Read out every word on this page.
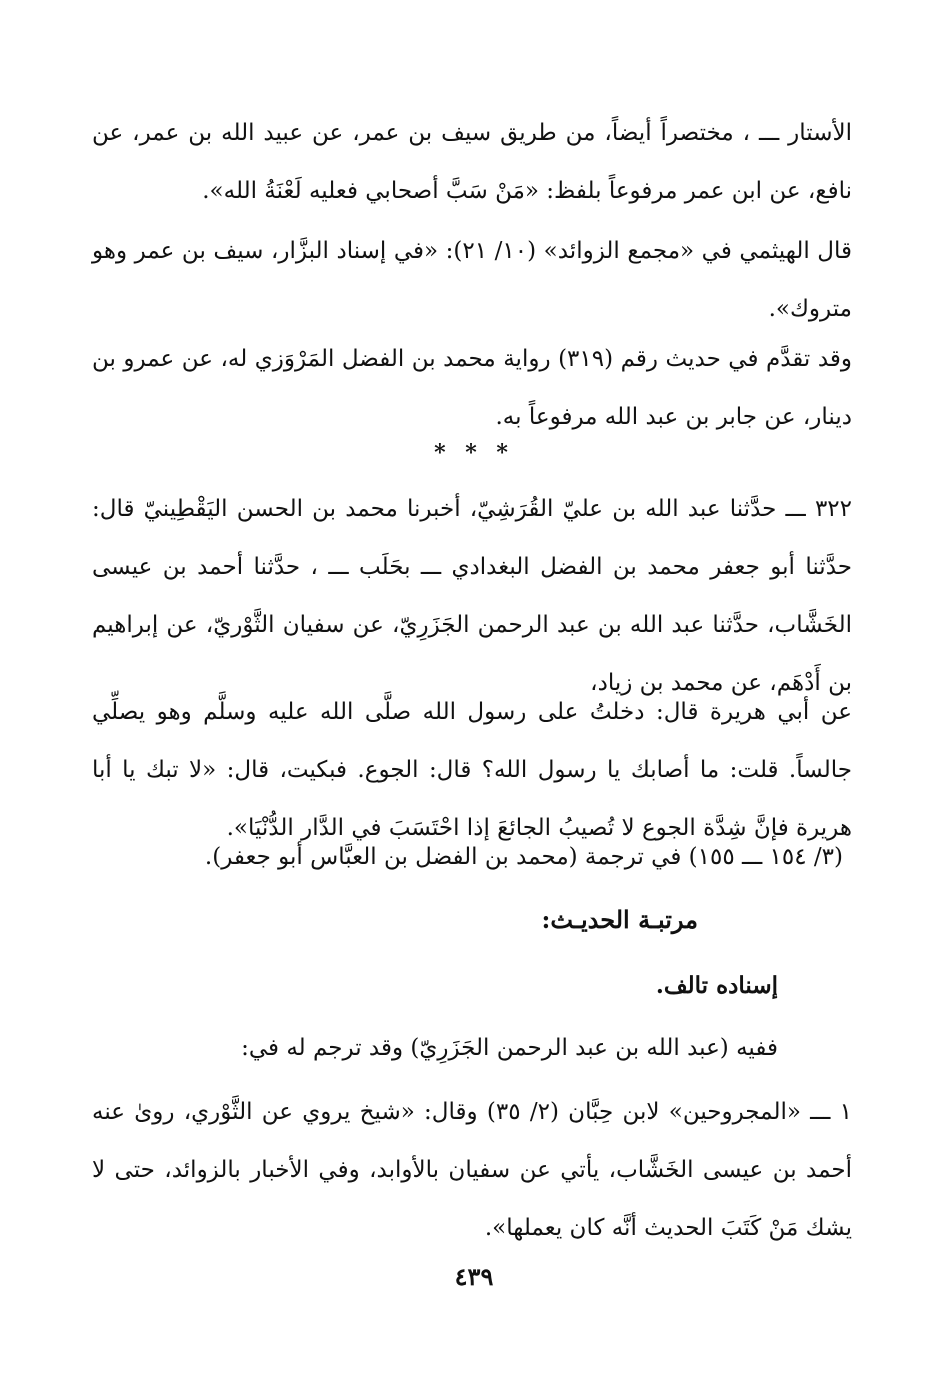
الأستار ـــ ، مختصراً أيضاً، من طريق سيف بن عمر، عن عبيد الله بن عمر، عن نافع، عن ابن عمر مرفوعاً بلفظ: «مَنْ سَبَّ أصحابي فعليه لَعْنَةُ الله».

قال الهيثمي في «مجمع الزوائد» (١٠/ ٢١): «في إسناد البزَّار، سيف بن عمر وهو متروك».

وقد تقدَّم في حديث رقم (٣١٩) رواية محمد بن الفضل المَرْوَزي له، عن عمرو بن دينار، عن جابر بن عبد الله مرفوعاً به.

* * *

٣٢٢ ـــ حدَّثنا عبد الله بن عليّ القُرَشِيّ، أخبرنا محمد بن الحسن اليَقْطِينيّ قال: حدَّثنا أبو جعفر محمد بن الفضل البغدادي ـــ بحَلَب ـــ ، حدَّثنا أحمد بن عيسى الخَشَّاب، حدَّثنا عبد الله بن عبد الرحمن الجَزَرِيّ، عن سفيان الثَّوْريّ، عن إبراهيم بن أَدْهَم، عن محمد بن زياد،

عن أبي هريرة قال: دخلتُ على رسول الله صلَّى الله عليه وسلَّم وهو يصلِّي جالساً. قلت: ما أصابك يا رسول الله؟ قال: الجوع. فبكيت، قال: «لا تبك يا أبا هريرة فإنَّ شِدَّة الجوع لا تُصيبُ الجائعَ إذا احْتَسَبَ في الدَّار الدُّنْيَا».

(٣/ ١٥٤ ـــ ١٥٥) في ترجمة (محمد بن الفضل بن العبَّاس أبو جعفر).

مرتبـة الحديـث:
إسناده تالف.
ففيه (عبد الله بن عبد الرحمن الجَزَرِيّ) وقد ترجم له في:

١ ـــ «المجروحين» لابن حِبَّان (٢/ ٣٥) وقال: «شيخ يروي عن الثَّوْري، روىٰ عنه أحمد بن عيسى الخَشَّاب، يأتي عن سفيان بالأوابد، وفي الأخبار بالزوائد، حتى لا يشك مَنْ كَتَبَ الحديث أنَّه كان يعملها».

٤٣٩
